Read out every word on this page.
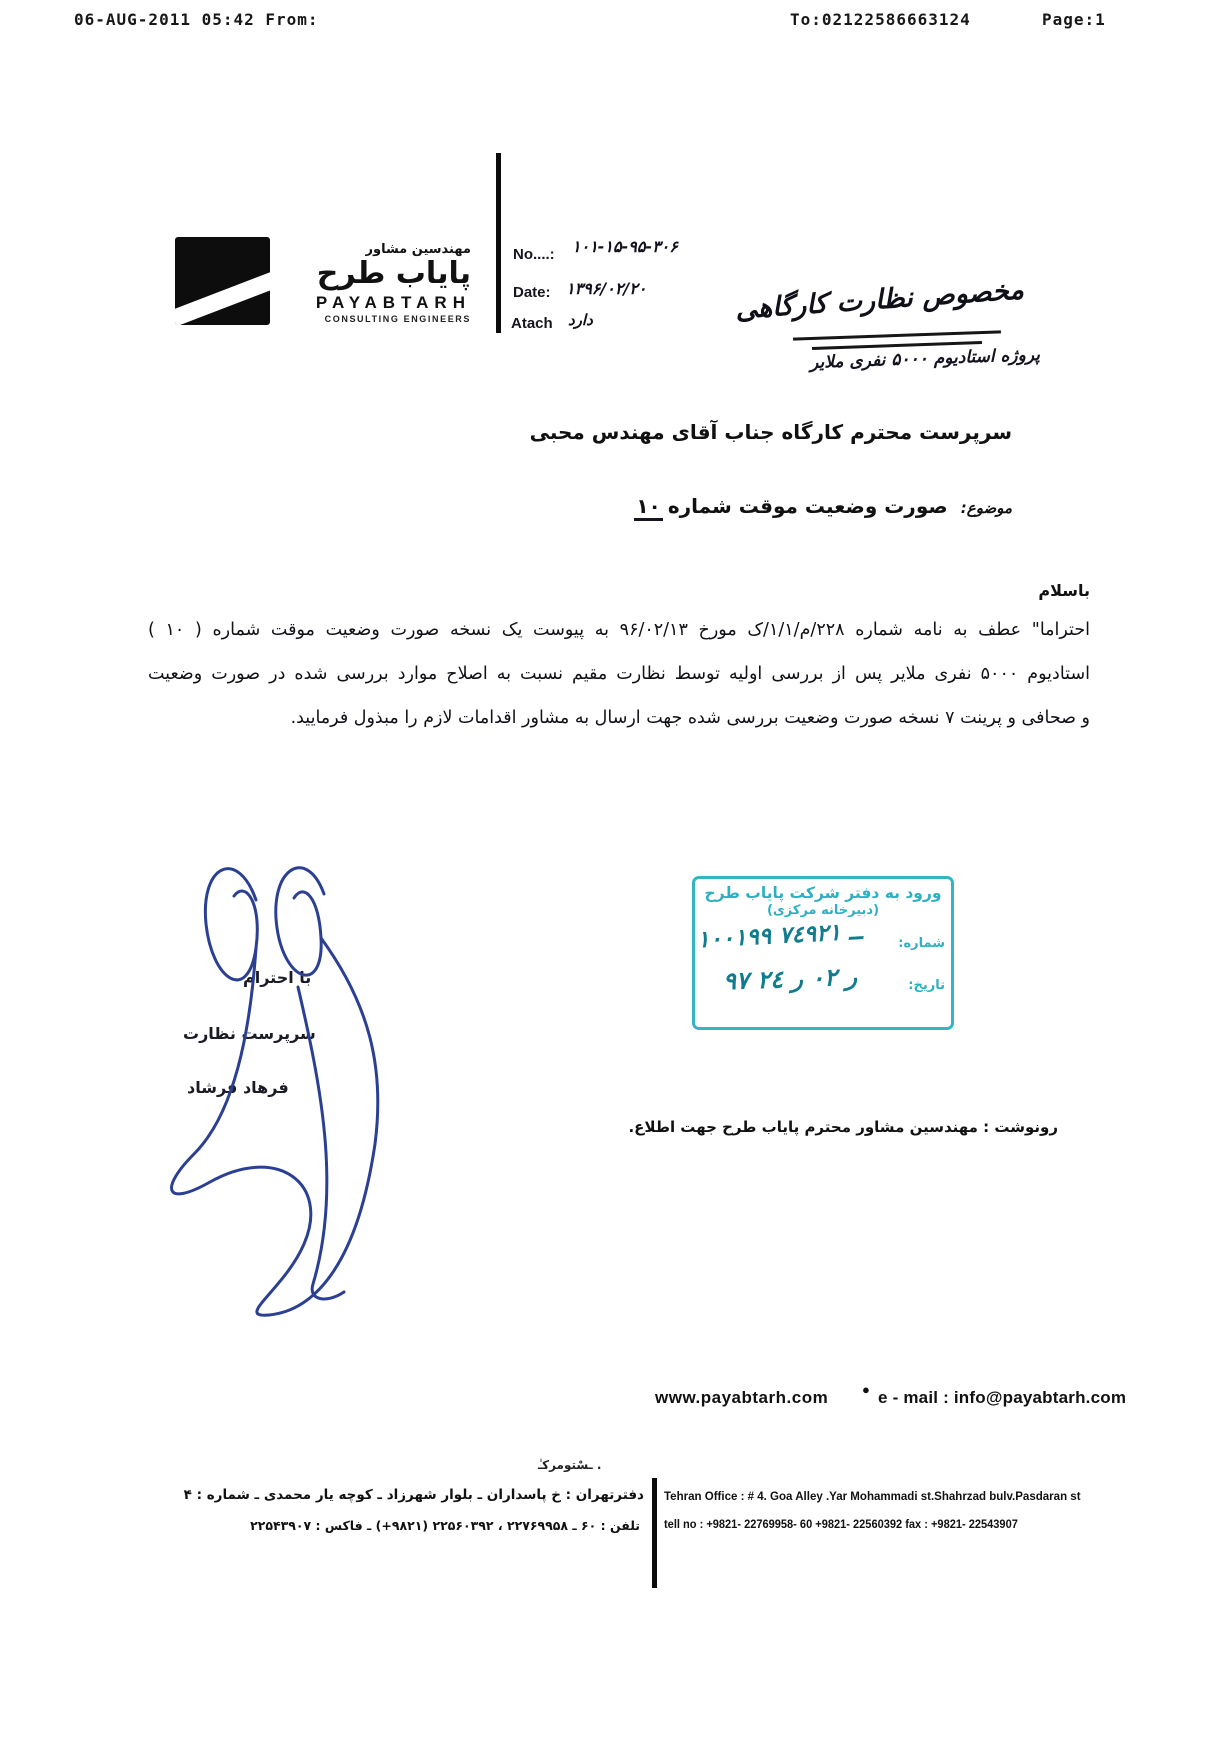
06-AUG-2011 05:42 From:	To:02122586663124	Page:1
مهندسین مشاور
پایاب طرح
PAYABTARH
CONSULTING ENGINEERS
No....: ۱۰۱-۱۵-۹۵-۳۰۶
Date: ۱۳۹۶/۰۲/۲۰
Atach دارد	مخصوص نظارت کارگاهی
پروژه استادیوم ۵۰۰۰ نفری ملایر
سرپرست محترم کارگاه جناب آقای مهندس محبی
موضوع: صورت وضعیت موقت شماره ۱۰
باسلام
احتراما" عطف به نامه شماره ۲۲۸/م/۱/۱/ک مورخ ۹۶/۰۲/۱۳ به پیوست یک نسخه صورت وضعیت موقت شماره ( ۱۰ )
استادیوم ۵۰۰۰ نفری ملایر پس از بررسی اولیه توسط نظارت مقیم نسبت به اصلاح موارد بررسی شده در صورت وضعیت
و صحافی و پرینت ۷ نسخه صورت وضعیت بررسی شده جهت ارسال به مشاور اقدامات لازم را مبذول فرمایید.
با احترام
سرپرست نظارت
فرهاد فرشاد
ورود به دفتر شرکت پایاب طرح
(دبیرخانه مرکزی)
شماره:
۱۰۰۱۹۹ ــ ۷٤۹۲۱
تاریخ:
۹۷ ر ۰۲ ر ۲٤
رونوشت : مهندسین مشاور محترم پایاب طرح جهت اطلاع.
www.payabtarh.com	● e - mail : info@payabtarh.com
. ـسْتومرکـٰ
Tehran Office : # 4. Goa Alley .Yar Mohammadi st.Shahrzad bulv.Pasdaran st
tell no : +9821- 22769958- 60 +9821- 22560392 fax : +9821- 22543907
دفترتهران : خ پاسداران ـ بلوار شهرزاد ـ کوچه یار محمدی ـ شماره : ۴
تلفن : ۶۰ ـ ۲۲۷۶۹۹۵۸ ، ۲۲۵۶۰۳۹۲ (۹۸۲۱+) ـ فاکس : ۲۲۵۴۳۹۰۷
